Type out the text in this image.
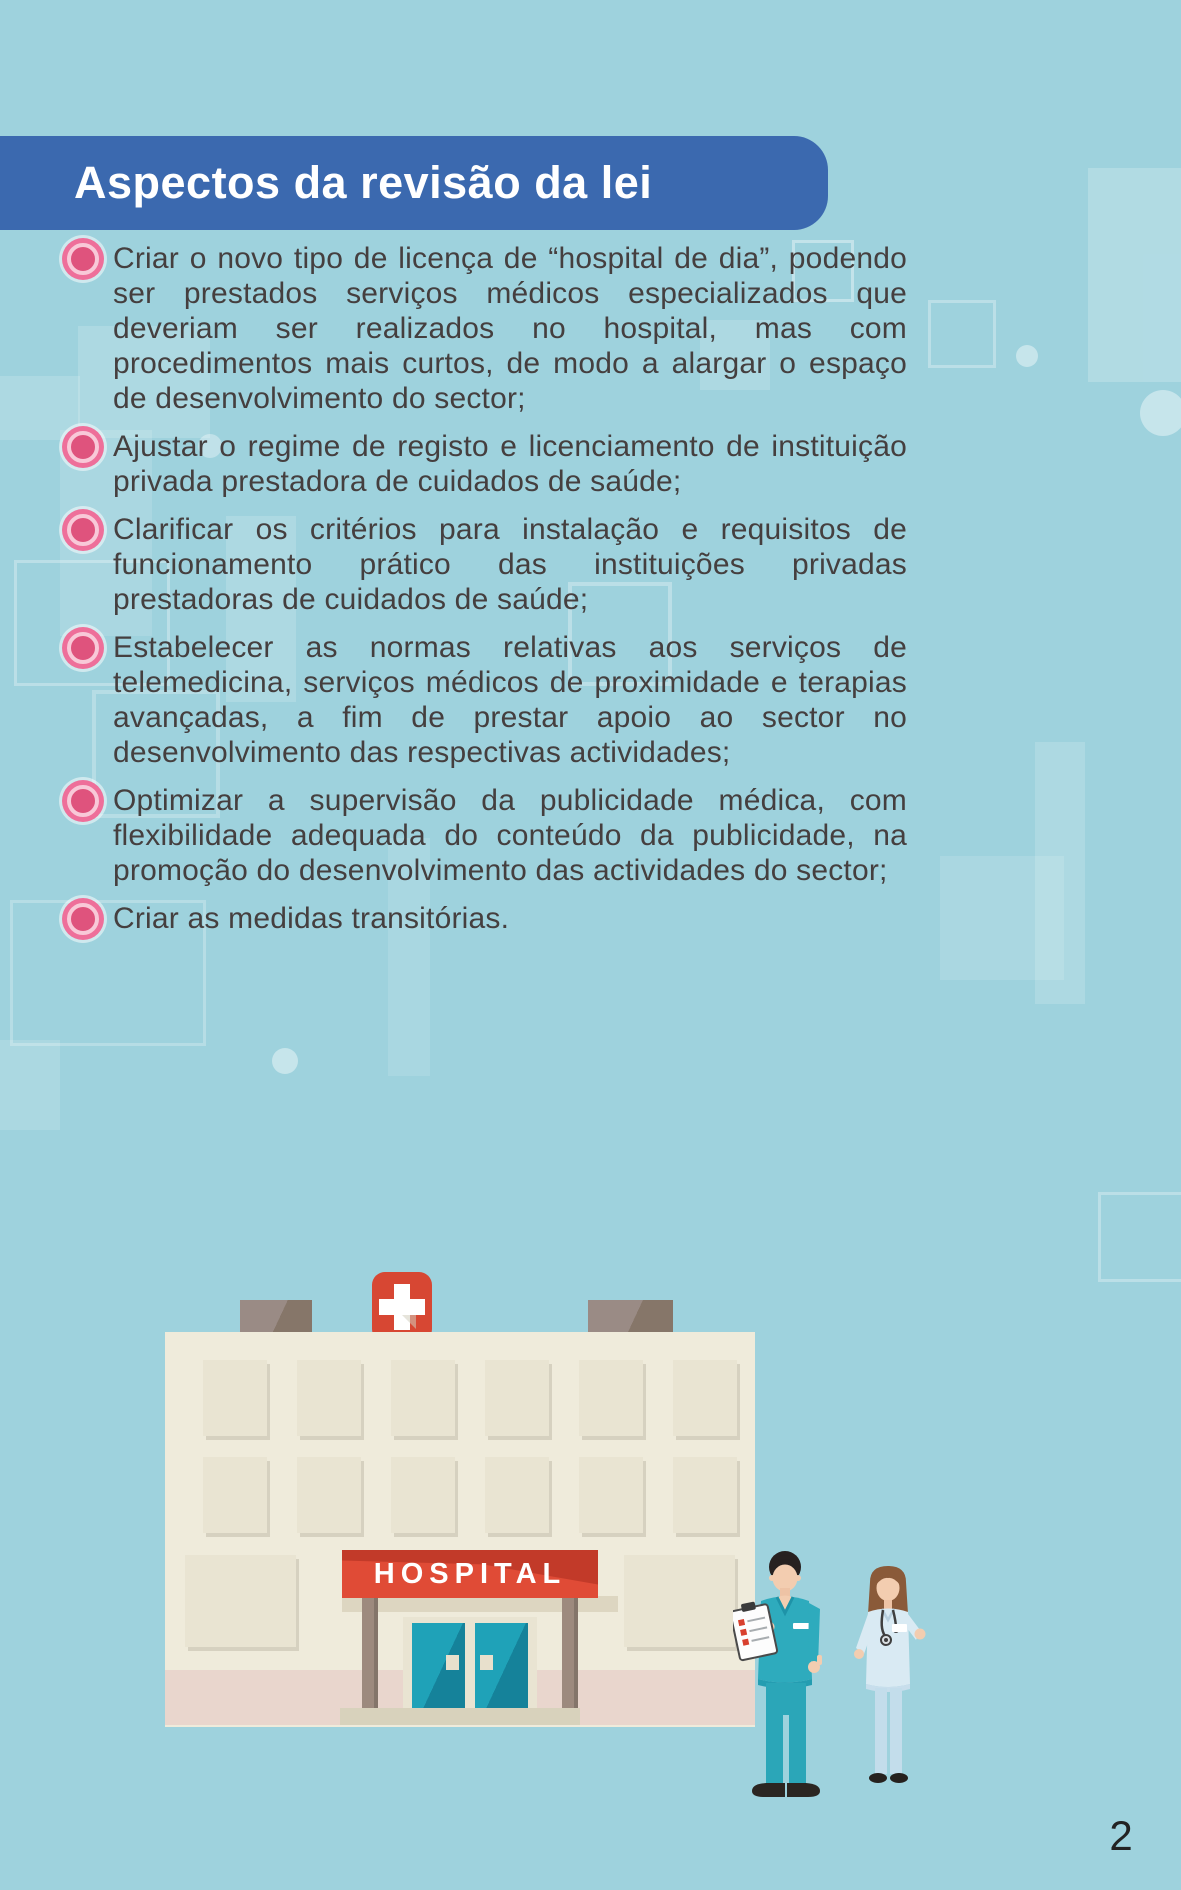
Aspectos da revisão da lei

Criar o novo tipo de licença de “hospital de dia”, podendo ser prestados serviços médicos especializados que deveriam ser realizados no hospital, mas com procedimentos mais curtos, de modo a alargar o espaço de desenvolvimento do sector;

Ajustar o regime de registo e licenciamento de instituição privada prestadora de cuidados de saúde;

Clarificar os critérios para instalação e requisitos de funcionamento prático das instituições privadas prestadoras de cuidados de saúde;

Estabelecer as normas relativas aos serviços de telemedicina, serviços médicos de proximidade e terapias avançadas, a fim de prestar apoio ao sector no desenvolvimento das respectivas actividades;

Optimizar a supervisão da publicidade médica, com flexibilidade adequada do conteúdo da publicidade, na promoção do desenvolvimento das actividades do sector;

Criar as medidas transitórias.

HOSPITAL
2
